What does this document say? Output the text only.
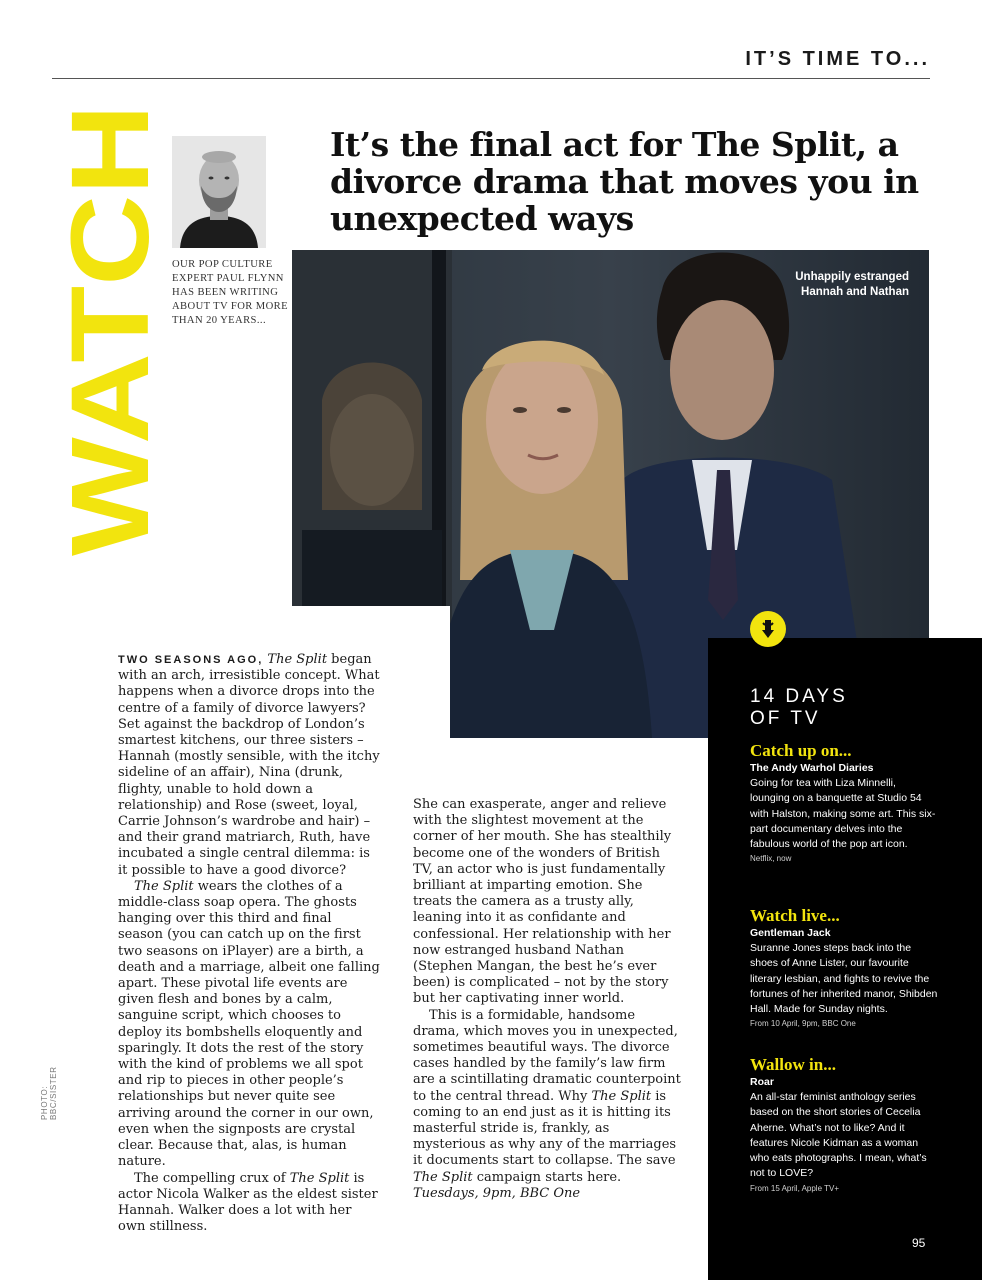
IT’S TIME TO...
WATCH OUR POP CULTURE EXPERT PAUL FLYNN HAS BEEN WRITING ABOUT TV FOR MORE THAN 20 YEARS...

It’s the final act for The Split, a divorce drama that moves you in unexpected ways

Unhappily estranged Hannah and Nathan

TWO SEASONS AGO, The Split began with an arch, irresistible concept. What happens when a divorce drops into the centre of a family of divorce lawyers? Set against the backdrop of London’s smartest kitchens, our three sisters – Hannah (mostly sensible, with the itchy sideline of an affair), Nina (drunk, flighty, unable to hold down a relationship) and Rose (sweet, loyal, Carrie Johnson’s wardrobe and hair) – and their grand matriarch, Ruth, have incubated a single central dilemma: is it possible to have a good divorce?

The Split wears the clothes of a middle-class soap opera. The ghosts hanging over this third and final season (you can catch up on the first two seasons on iPlayer) are a birth, a death and a marriage, albeit one falling apart. These pivotal life events are given flesh and bones by a calm, sanguine script, which chooses to deploy its bombshells eloquently and sparingly. It dots the rest of the story with the kind of problems we all spot and rip to pieces in other people’s relationships but never quite see arriving around the corner in our own, even when the signposts are crystal clear. Because that, alas, is human nature.

The compelling crux of The Split is actor Nicola Walker as the eldest sister Hannah. Walker does a lot with her own stillness.

She can exasperate, anger and relieve with the slightest movement at the corner of her mouth. She has stealthily become one of the wonders of British TV, an actor who is just fundamentally brilliant at imparting emotion. She treats the camera as a trusty ally, leaning into it as confidante and confessional. Her relationship with her now estranged husband Nathan (Stephen Mangan, the best he’s ever been) is complicated – not by the story but her captivating inner world.

This is a formidable, handsome drama, which moves you in unexpected, sometimes beautiful ways. The divorce cases handled by the family’s law firm are a scintillating dramatic counterpoint to the central thread. Why The Split is coming to an end just as it is hitting its masterful stride is, frankly, as mysterious as why any of the marriages it documents start to collapse. The save The Split campaign starts here.

Tuesdays, 9pm, BBC One

PHOTO: BBC/SISTER

14 DAYS
OF TV

Catch up on...

The Andy Warhol Diaries

Going for tea with Liza Minnelli, lounging on a banquette at Studio 54 with Halston, making some art. This six-part documentary delves into the fabulous world of the pop art icon.

Netflix, now

Watch live...

Gentleman Jack

Suranne Jones steps back into the shoes of Anne Lister, our favourite literary lesbian, and fights to revive the fortunes of her inherited manor, Shibden Hall. Made for Sunday nights.

From 10 April, 9pm, BBC One

Wallow in...

Roar

An all-star feminist anthology series based on the short stories of Cecelia Aherne. What’s not to like? And it features Nicole Kidman as a woman who eats photographs. I mean, what’s not to LOVE?

From 15 April, Apple TV+

95
